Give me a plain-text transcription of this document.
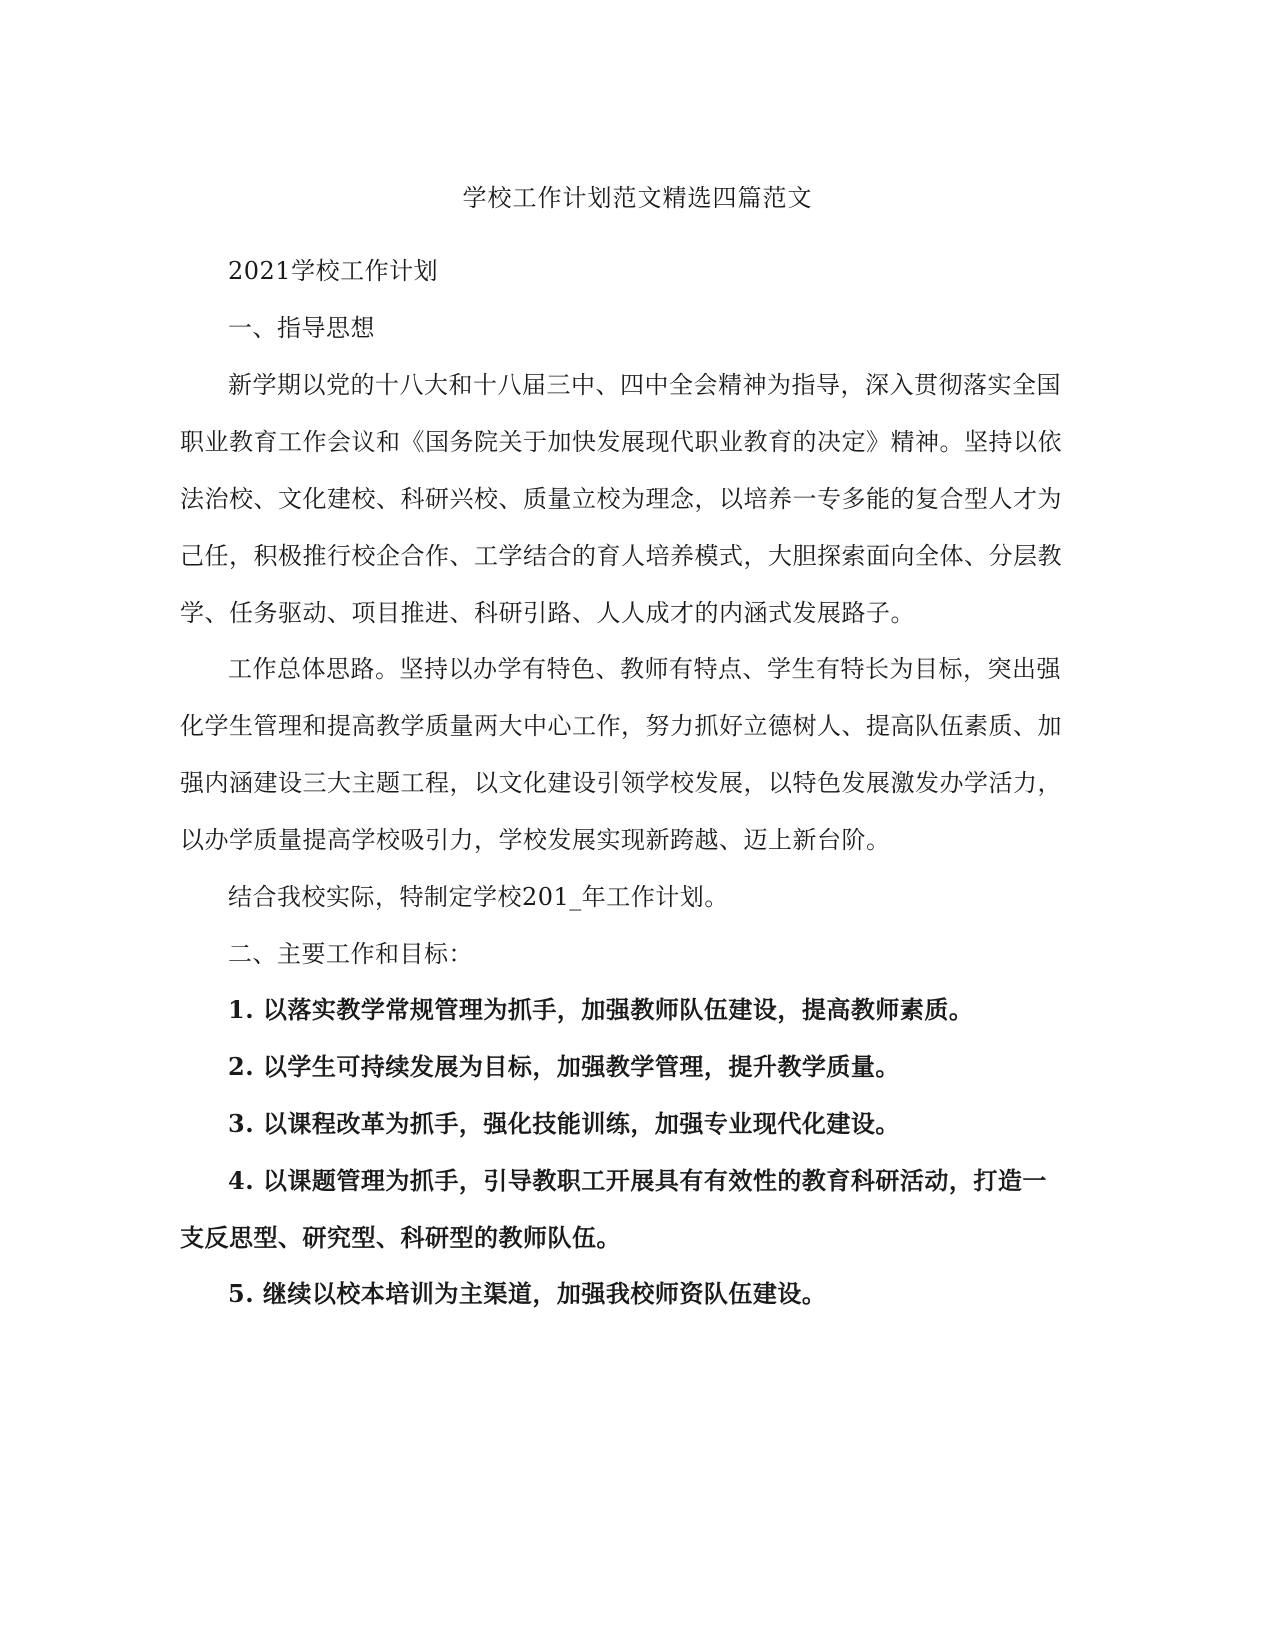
学校工作计划范文精选四篇范文
2021学校工作计划
一、指导思想
新学期以党的十八大和十八届三中、四中全会精神为指导，深入贯彻落实全国
职业教育工作会议和《国务院关于加快发展现代职业教育的决定》精神。坚持以依
法治校、文化建校、科研兴校、质量立校为理念，以培养一专多能的复合型人才为
己任，积极推行校企合作、工学结合的育人培养模式，大胆探索面向全体、分层教
学、任务驱动、项目推进、科研引路、人人成才的内涵式发展路子。
工作总体思路。坚持以办学有特色、教师有特点、学生有特长为目标，突出强
化学生管理和提高教学质量两大中心工作，努力抓好立德树人、提高队伍素质、加
强内涵建设三大主题工程，以文化建设引领学校发展，以特色发展激发办学活力，
以办学质量提高学校吸引力，学校发展实现新跨越、迈上新台阶。
结合我校实际，特制定学校201_年工作计划。
二、主要工作和目标：
1. 以落实教学常规管理为抓手，加强教师队伍建设，提高教师素质。
2. 以学生可持续发展为目标，加强教学管理，提升教学质量。
3. 以课程改革为抓手，强化技能训练，加强专业现代化建设。
4. 以课题管理为抓手，引导教职工开展具有有效性的教育科研活动，打造一
支反思型、研究型、科研型的教师队伍。
5. 继续以校本培训为主渠道，加强我校师资队伍建设。
